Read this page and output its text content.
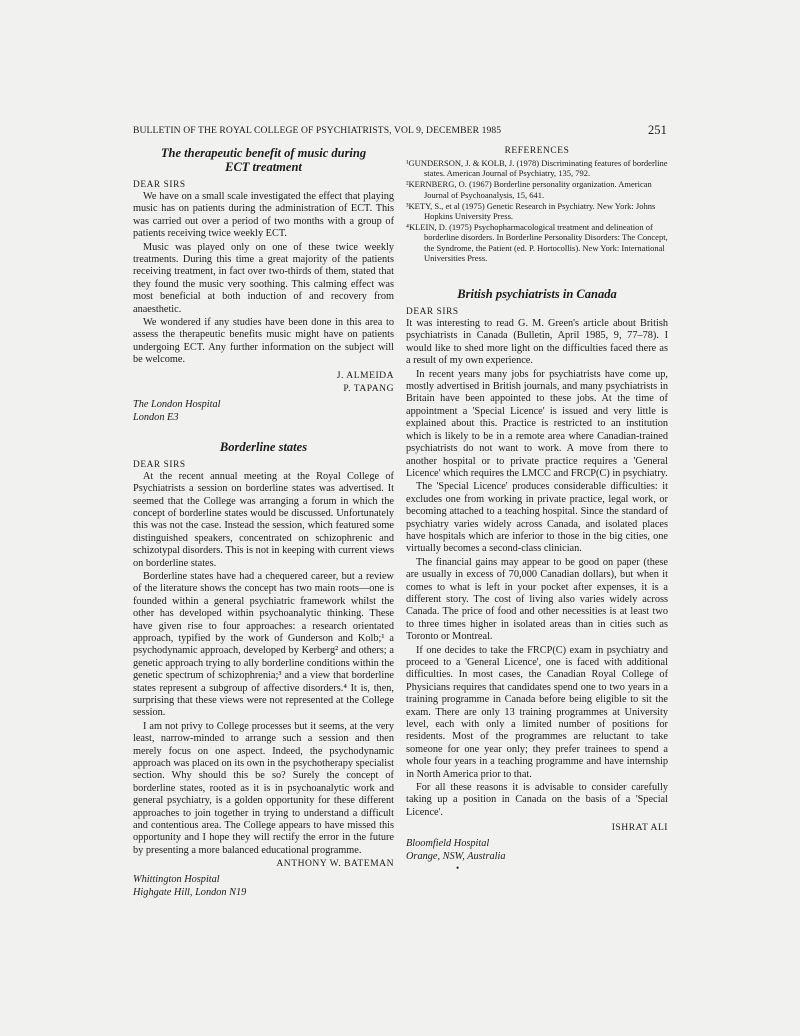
BULLETIN OF THE ROYAL COLLEGE OF PSYCHIATRISTS, VOL 9, DECEMBER 1985	251
The therapeutic benefit of music during ECT treatment
DEAR SIRS

We have on a small scale investigated the effect that playing music has on patients during the administration of ECT. This was carried out over a period of two months with a group of patients receiving twice weekly ECT.

Music was played only on one of these twice weekly treatments. During this time a great majority of the patients receiving treatment, in fact over two-thirds of them, stated that they found the music very soothing. This calming effect was most beneficial at both induction of and recovery from anaesthetic.

We wondered if any studies have been done in this area to assess the therapeutic benefits music might have on patients undergoing ECT. Any further information on the subject will be welcome.

J. ALMEIDA
P. TAPANG
The London Hospital
London E3
Borderline states
DEAR SIRS

At the recent annual meeting at the Royal College of Psychiatrists a session on borderline states was advertised. It seemed that the College was arranging a forum in which the concept of borderline states would be discussed. Unfortunately this was not the case. Instead the session, which featured some distinguished speakers, concentrated on schizophrenic and schizotypal disorders. This is not in keeping with current views on borderline states.

Borderline states have had a chequered career, but a review of the literature shows the concept has two main roots—one is founded within a general psychiatric framework whilst the other has developed within psychoanalytic thinking. These have given rise to four approaches: a research orientated approach, typified by the work of Gunderson and Kolb;¹ a psychodynamic approach, developed by Kerberg² and others; a genetic approach trying to ally borderline conditions within the genetic spectrum of schizophrenia;³ and a view that borderline states represent a subgroup of affective disorders.⁴ It is, then, surprising that these views were not represented at the College session.

I am not privy to College processes but it seems, at the very least, narrow-minded to arrange such a session and then merely focus on one aspect. Indeed, the psychodynamic approach was placed on its own in the psychotherapy specialist section. Why should this be so? Surely the concept of borderline states, rooted as it is in psychoanalytic work and general psychiatry, is a golden opportunity for these different approaches to join together in trying to understand a difficult and contentious area. The College appears to have missed this opportunity and I hope they will rectify the error in the future by presenting a more balanced educational programme.

ANTHONY W. BATEMAN
Whittington Hospital
Highgate Hill, London N19
REFERENCES
¹GUNDERSON, J. & KOLB, J. (1978) Discriminating features of borderline states. American Journal of Psychiatry, 135, 792.
²KERNBERG, O. (1967) Borderline personality organization. American Journal of Psychoanalysis, 15, 641.
³KETY, S., et al (1975) Genetic Research in Psychiatry. New York: Johns Hopkins University Press.
⁴KLEIN, D. (1975) Psychopharmacological treatment and delineation of borderline disorders. In Borderline Personality Disorders: The Concept, the Syndrome, the Patient (ed. P. Hortocollis). New York: International Universities Press.
British psychiatrists in Canada
DEAR SIRS

It was interesting to read G. M. Green's article about British psychiatrists in Canada (Bulletin, April 1985, 9, 77–78). I would like to shed more light on the difficulties faced there as a result of my own experience.

In recent years many jobs for psychiatrists have come up, mostly advertised in British journals, and many psychiatrists in Britain have been appointed to these jobs. At the time of appointment a 'Special Licence' is issued and very little is explained about this. Practice is restricted to an institution which is likely to be in a remote area where Canadian-trained psychiatrists do not want to work. A move from there to another hospital or to private practice requires a 'General Licence' which requires the LMCC and FRCP(C) in psychiatry.

The 'Special Licence' produces considerable difficulties: it excludes one from working in private practice, legal work, or becoming attached to a teaching hospital. Since the standard of psychiatry varies widely across Canada, and isolated places have hospitals which are inferior to those in the big cities, one virtually becomes a second-class clinician.

The financial gains may appear to be good on paper (these are usually in excess of 70,000 Canadian dollars), but when it comes to what is left in your pocket after expenses, it is a different story. The cost of living also varies widely across Canada. The price of food and other necessities is at least two to three times higher in isolated areas than in cities such as Toronto or Montreal.

If one decides to take the FRCP(C) exam in psychiatry and proceed to a 'General Licence', one is faced with additional difficulties. In most cases, the Canadian Royal College of Physicians requires that candidates spend one to two years in a training programme in Canada before being eligible to sit the exam. There are only 13 training programmes at University level, each with only a limited number of positions for residents. Most of the programmes are reluctant to take someone for one year only; they prefer trainees to spend a whole four years in a teaching programme and have internship in North America prior to that.

For all these reasons it is advisable to consider carefully taking up a position in Canada on the basis of a 'Special Licence'.

ISHRAT ALI
Bloomfield Hospital
Orange, NSW, Australia
•
